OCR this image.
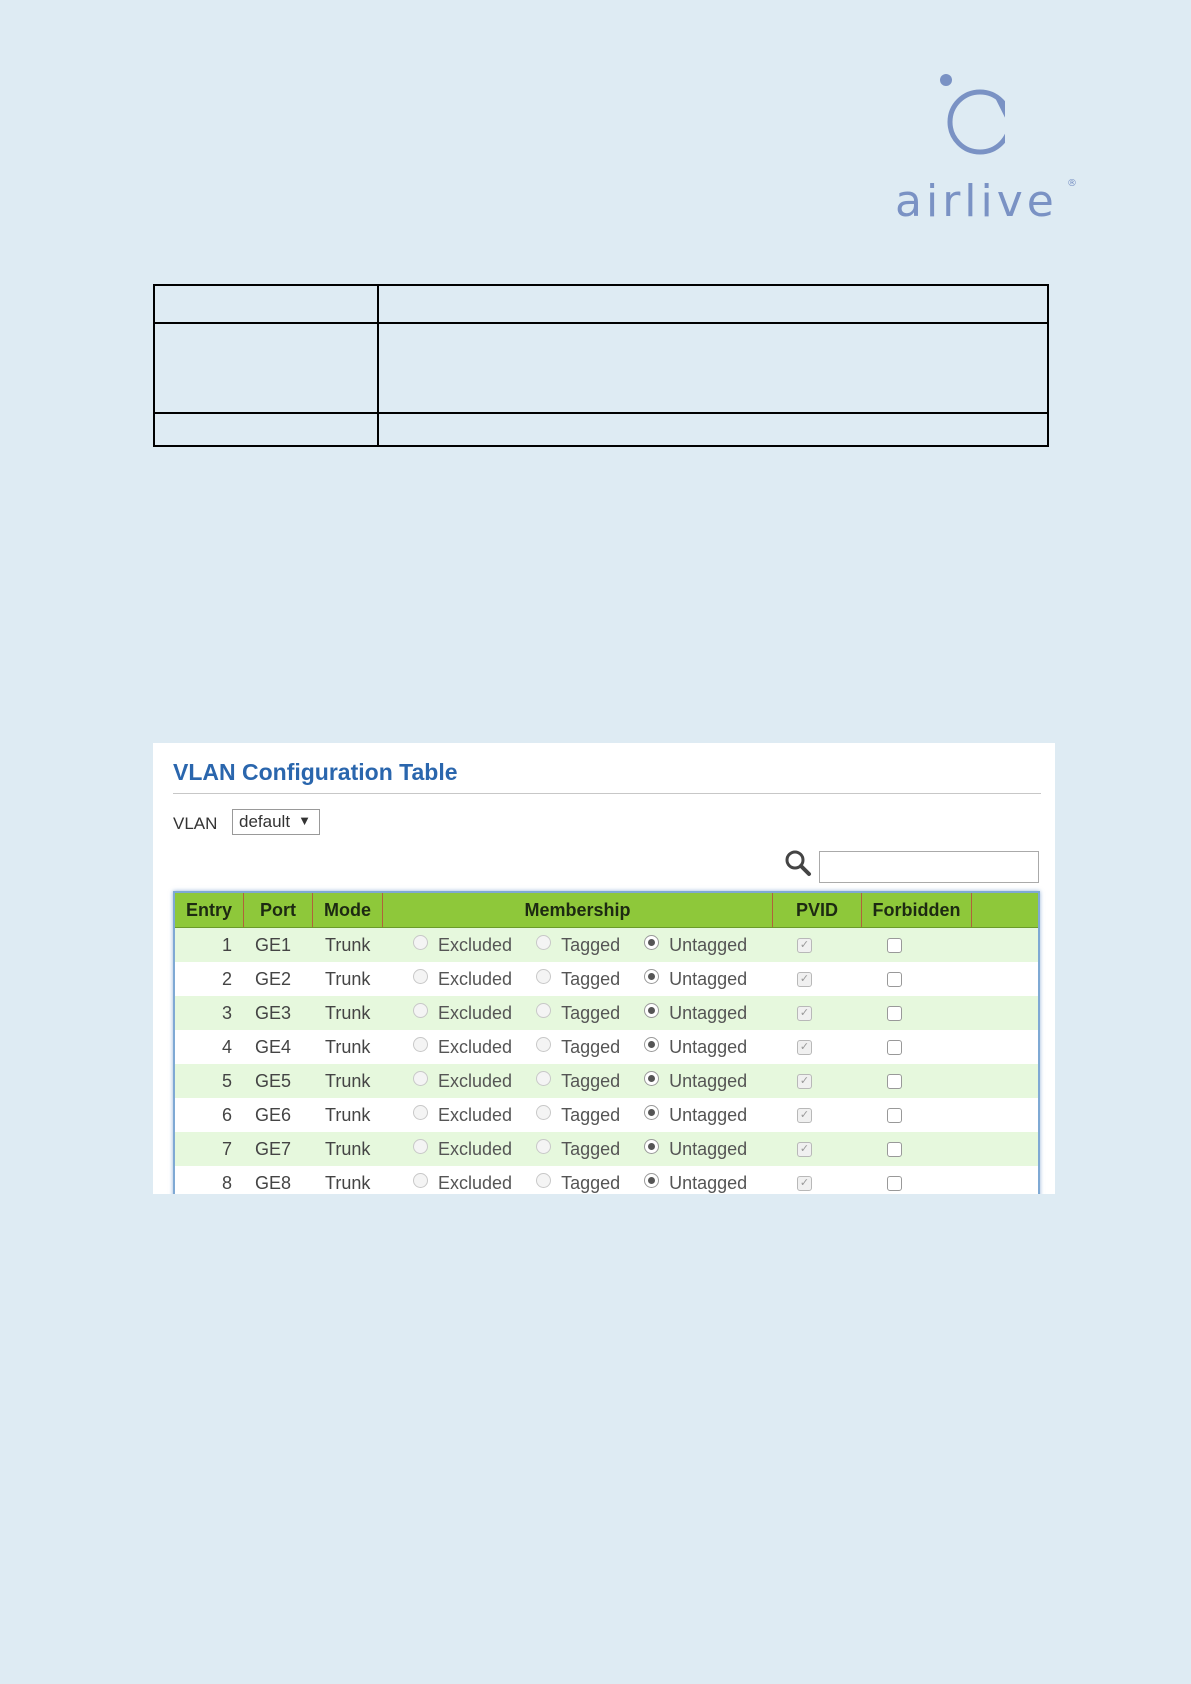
airlive ®

VLAN Configuration Table
VLAN	default ▼
Entry	Port	Mode	Membership	PVID	Forbidden
1	GE1	Trunk	Excluded	Tagged	Untagged	✓
2	GE2	Trunk	Excluded	Tagged	Untagged	✓
3	GE3	Trunk	Excluded	Tagged	Untagged	✓
4	GE4	Trunk	Excluded	Tagged	Untagged	✓
5	GE5	Trunk	Excluded	Tagged	Untagged	✓
6	GE6	Trunk	Excluded	Tagged	Untagged	✓
7	GE7	Trunk	Excluded	Tagged	Untagged	✓
8	GE8	Trunk	Excluded	Tagged	Untagged	✓
